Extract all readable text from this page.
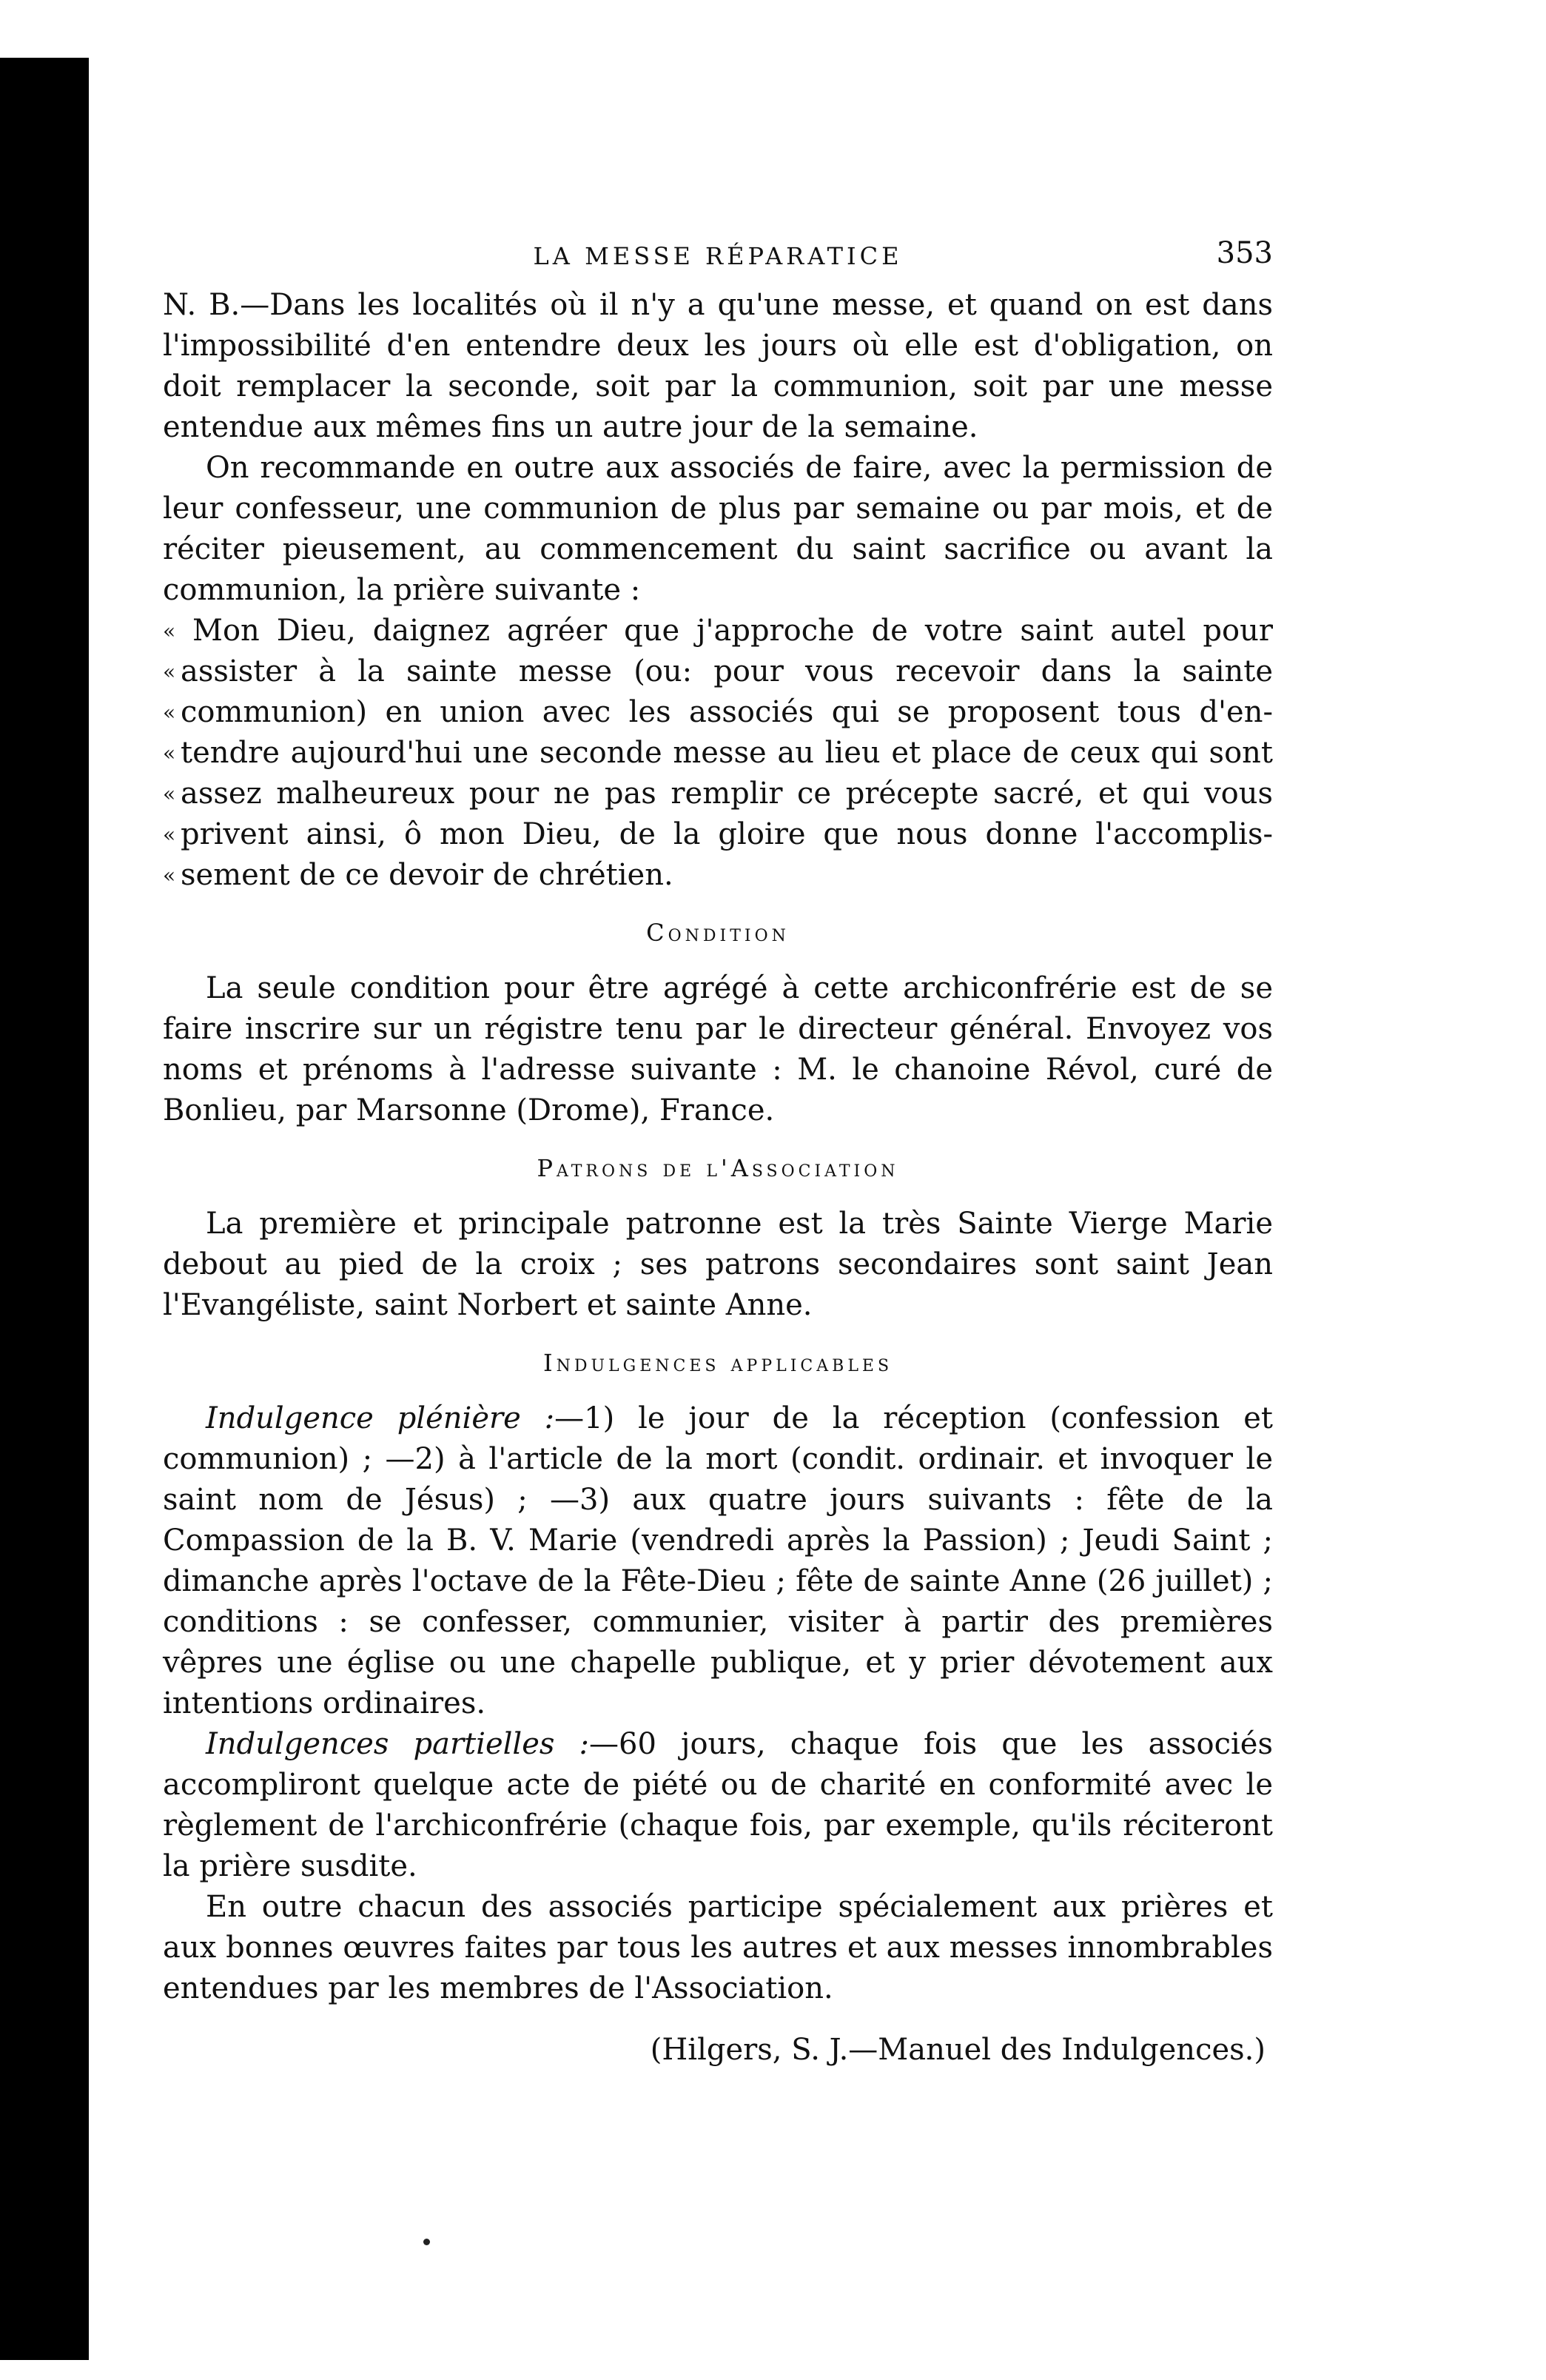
LA MESSE RÉPARATICE	353

N. B.—Dans les localités où il n'y a qu'une messe, et quand on est dans l'impossibilité d'en entendre deux les jours où elle est d'obligation, on doit remplacer la seconde, soit par la communion, soit par une messe entendue aux mêmes fins un autre jour de la semaine.

On recommande en outre aux associés de faire, avec la permission de leur confesseur, une communion de plus par semaine ou par mois, et de réciter pieusement, au commencement du saint sacrifice ou avant la communion, la prière suivante :

« Mon Dieu, daignez agréer que j'approche de votre saint autel pour
« assister à la sainte messe (ou: pour vous recevoir dans la sainte
« communion) en union avec les associés qui se proposent tous d'en-
« tendre aujourd'hui une seconde messe au lieu et place de ceux qui sont
« assez malheureux pour ne pas remplir ce précepte sacré, et qui vous
« privent ainsi, ô mon Dieu, de la gloire que nous donne l'accomplis-
« sement de ce devoir de chrétien.
Condition

La seule condition pour être agrégé à cette archiconfrérie est de se faire inscrire sur un régistre tenu par le directeur général. Envoyez vos noms et prénoms à l'adresse suivante : M. le chanoine Révol, curé de Bonlieu, par Marsonne (Drome), France.

Patrons de l'Association

La première et principale patronne est la très Sainte Vierge Marie debout au pied de la croix ; ses patrons secondaires sont saint Jean l'Evangéliste, saint Norbert et sainte Anne.

Indulgences applicables

Indulgence plénière :—1) le jour de la réception (confession et communion) ; —2) à l'article de la mort (condit. ordinair. et invoquer le saint nom de Jésus) ; —3) aux quatre jours suivants : fête de la Compassion de la B. V. Marie (vendredi après la Passion) ; Jeudi Saint ; dimanche après l'octave de la Fête-Dieu ; fête de sainte Anne (26 juillet) ; conditions : se confesser, communier, visiter à partir des premières vêpres une église ou une chapelle publique, et y prier dévotement aux intentions ordinaires.

Indulgences partielles :—60 jours, chaque fois que les associés accompliront quelque acte de piété ou de charité en conformité avec le règlement de l'archiconfrérie (chaque fois, par exemple, qu'ils réciteront la prière susdite.

En outre chacun des associés participe spécialement aux prières et aux bonnes œuvres faites par tous les autres et aux messes innombrables entendues par les membres de l'Association.

(Hilgers, S. J.—Manuel des Indulgences.)
